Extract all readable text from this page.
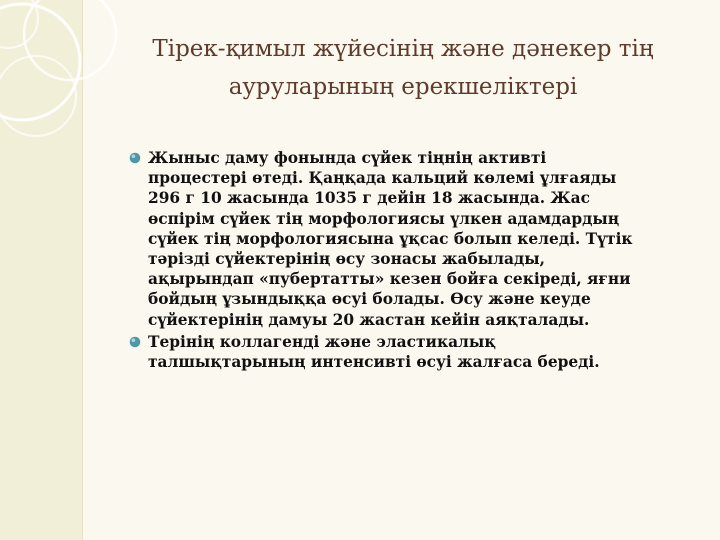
Тірек-қимыл жүйесінің және дәнекер тің
ауруларының ерекшеліктері
Жыныс даму фонында сүйек тіңнің активті
процестері өтеді. Қаңқада кальций көлемі ұлғаяды
296 г 10 жасында 1035 г дейін 18 жасында. Жас
өспірім сүйек тің морфологиясы үлкен адамдардың
сүйек тің морфологиясына ұқсас болып келеді. Түтік
тәрізді сүйектерінің өсу зонасы жабылады,
ақырындап «пубертатты» кезен бойға секіреді, яғни
бойдың ұзындыққа өсуі болады. Өсу және кеуде
сүйектерінің дамуы 20 жастан кейін аяқталады.
Терінің коллагенді және эластикалық
талшықтарының интенсивті өсуі жалғаса береді.
